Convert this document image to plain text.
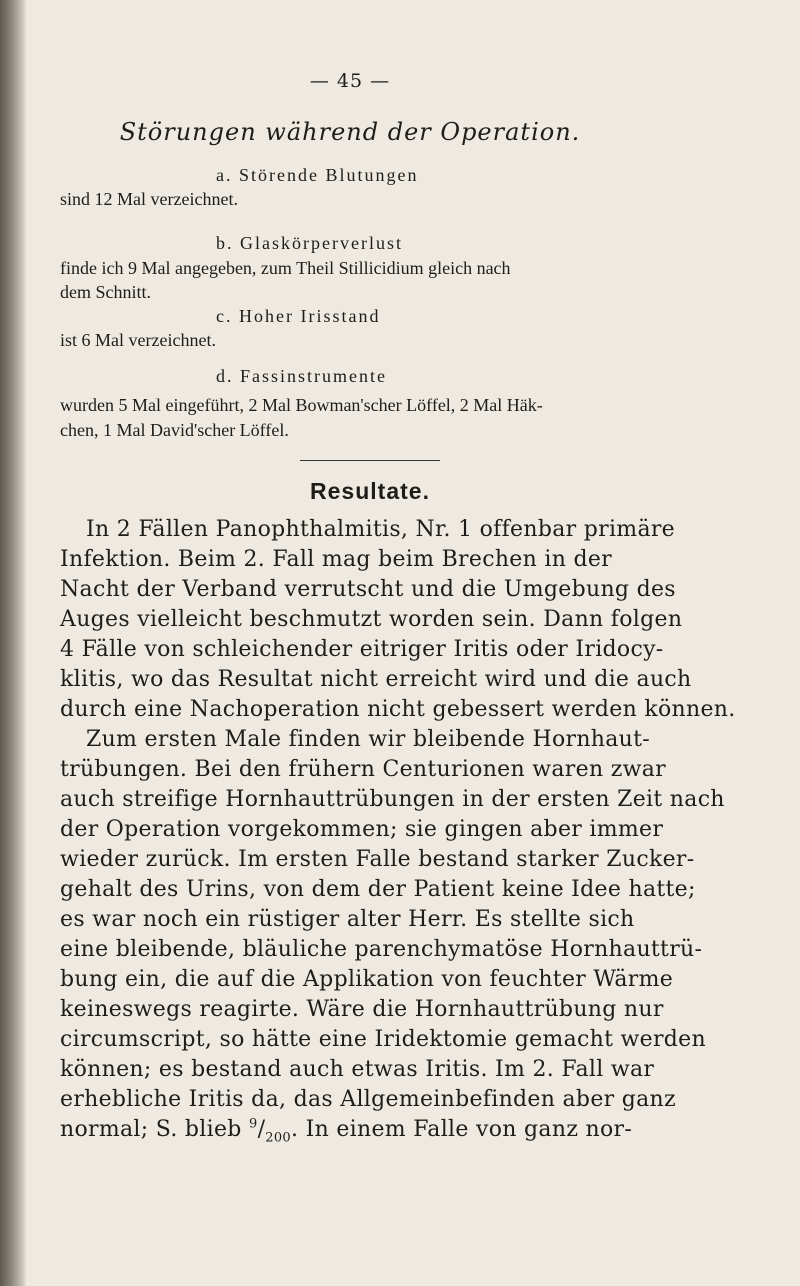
— 45 —
Störungen während der Operation.
a. Störende Blutungen
sind 12 Mal verzeichnet.
b. Glaskörperverlust
finde ich 9 Mal angegeben, zum Theil Stillicidium gleich nach
dem Schnitt.
c. Hoher Irisstand
ist 6 Mal verzeichnet.
d. Fassinstrumente
wurden 5 Mal eingeführt, 2 Mal Bowman'scher Löffel, 2 Mal Häk-
chen, 1 Mal David'scher Löffel.
Resultate.
In 2 Fällen Panophthalmitis, Nr. 1 offenbar primäre
Infektion. Beim 2. Fall mag beim Brechen in der
Nacht der Verband verrutscht und die Umgebung des
Auges vielleicht beschmutzt worden sein. Dann folgen
4 Fälle von schleichender eitriger Iritis oder Iridocy-
klitis, wo das Resultat nicht erreicht wird und die auch
durch eine Nachoperation nicht gebessert werden können.
Zum ersten Male finden wir bleibende Hornhaut-
trübungen. Bei den frühern Centurionen waren zwar
auch streifige Hornhauttrübungen in der ersten Zeit nach
der Operation vorgekommen; sie gingen aber immer
wieder zurück. Im ersten Falle bestand starker Zucker-
gehalt des Urins, von dem der Patient keine Idee hatte;
es war noch ein rüstiger alter Herr. Es stellte sich
eine bleibende, bläuliche parenchymatöse Hornhauttrü-
bung ein, die auf die Applikation von feuchter Wärme
keineswegs reagirte. Wäre die Hornhauttrübung nur
circumscript, so hätte eine Iridektomie gemacht werden
können; es bestand auch etwas Iritis. Im 2. Fall war
erhebliche Iritis da, das Allgemeinbefinden aber ganz
normal; S. blieb $^9/_{200}$. In einem Falle von ganz nor-
